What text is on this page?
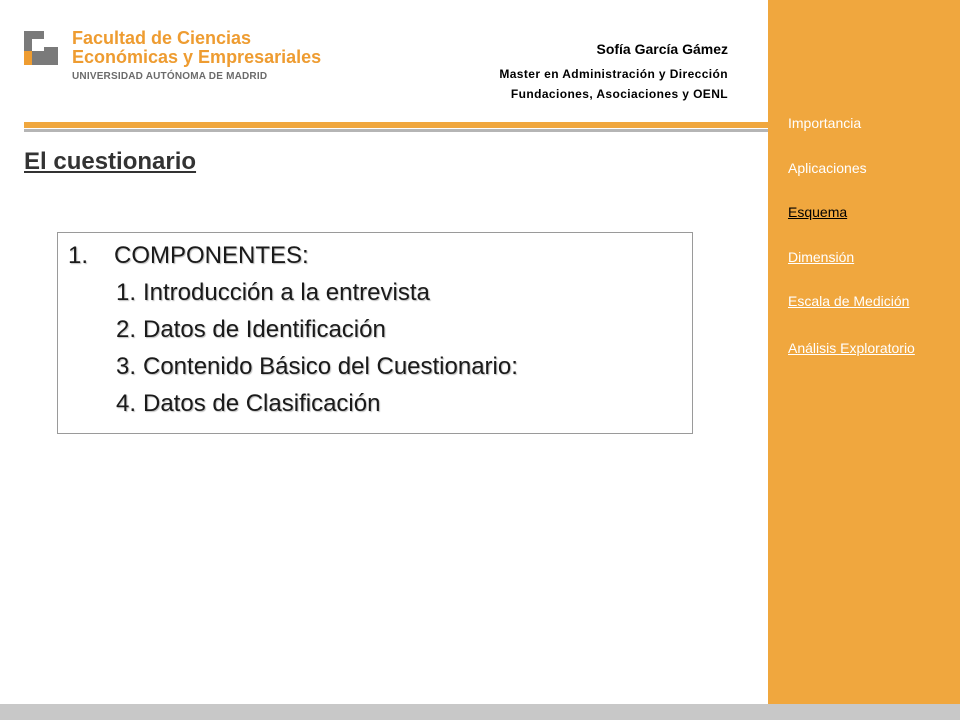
Facultad de Ciencias
Económicas y Empresariales
UNIVERSIDAD AUTÓNOMA DE MADRID
Sofía García Gámez
Master en Administración y Dirección
Fundaciones, Asociaciones y OENL
El cuestionario
1. COMPONENTES:
1. Introducción a la entrevista
2. Datos de Identificación
3. Contenido Básico del Cuestionario:
4. Datos de Clasificación
Importancia
Aplicaciones
Esquema
Dimensión
Escala de Medición
Análisis Exploratorio
